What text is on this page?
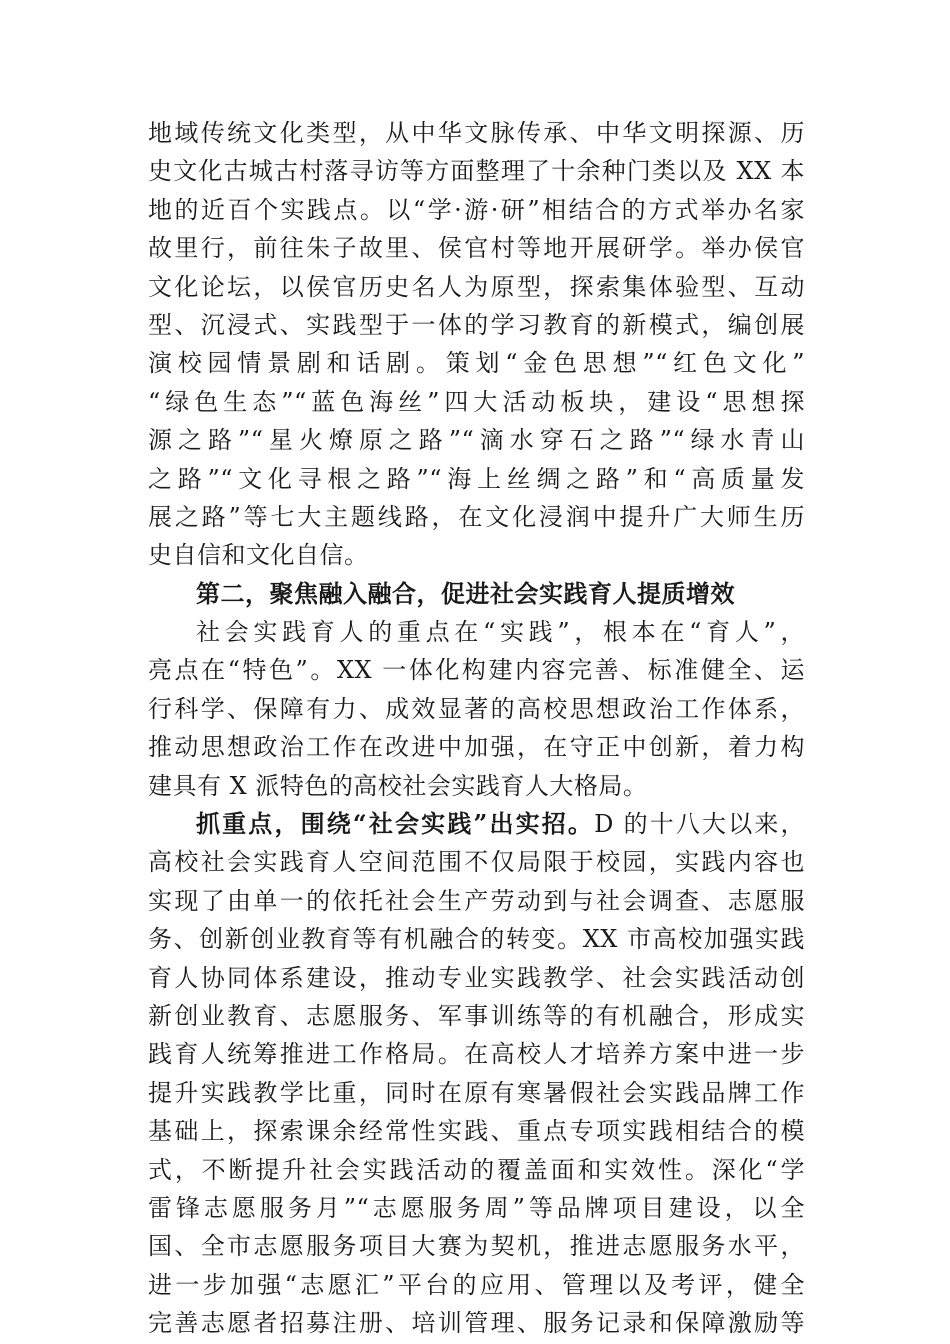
地域传统文化类型，从中华文脉传承、中华文明探源、历
史文化古城古村落寻访等方面整理了十余种门类以及 XX 本
地的近百个实践点。以“学·游·研”相结合的方式举办名家
故里行，前往朱子故里、侯官村等地开展研学。举办侯官
文化论坛，以侯官历史名人为原型，探索集体验型、互动
型、沉浸式、实践型于一体的学习教育的新模式，编创展
演校园情景剧和话剧。策划“金色思想”“红色文化”
“绿色生态”“蓝色海丝”四大活动板块，建设“思想探
源之路”“星火燎原之路”“滴水穿石之路”“绿水青山
之路”“文化寻根之路”“海上丝绸之路”和“高质量发
展之路”等七大主题线路，在文化浸润中提升广大师生历
史自信和文化自信。
第二，聚焦融入融合，促进社会实践育人提质增效
社会实践育人的重点在“实践”，根本在“育人”，
亮点在“特色”。XX 一体化构建内容完善、标准健全、运
行科学、保障有力、成效显著的高校思想政治工作体系，
推动思想政治工作在改进中加强，在守正中创新，着力构
建具有 X 派特色的高校社会实践育人大格局。
抓重点，围绕“社会实践”出实招。D 的十八大以来，
高校社会实践育人空间范围不仅局限于校园，实践内容也
实现了由单一的依托社会生产劳动到与社会调查、志愿服
务、创新创业教育等有机融合的转变。XX 市高校加强实践
育人协同体系建设，推动专业实践教学、社会实践活动创
新创业教育、志愿服务、军事训练等的有机融合，形成实
践育人统筹推进工作格局。在高校人才培养方案中进一步
提升实践教学比重，同时在原有寒暑假社会实践品牌工作
基础上，探索课余经常性实践、重点专项实践相结合的模
式，不断提升社会实践活动的覆盖面和实效性。深化“学
雷锋志愿服务月”“志愿服务周”等品牌项目建设，以全
国、全市志愿服务项目大赛为契机，推进志愿服务水平，
进一步加强“志愿汇”平台的应用、管理以及考评，健全
完善志愿者招募注册、培训管理、服务记录和保障激励等
